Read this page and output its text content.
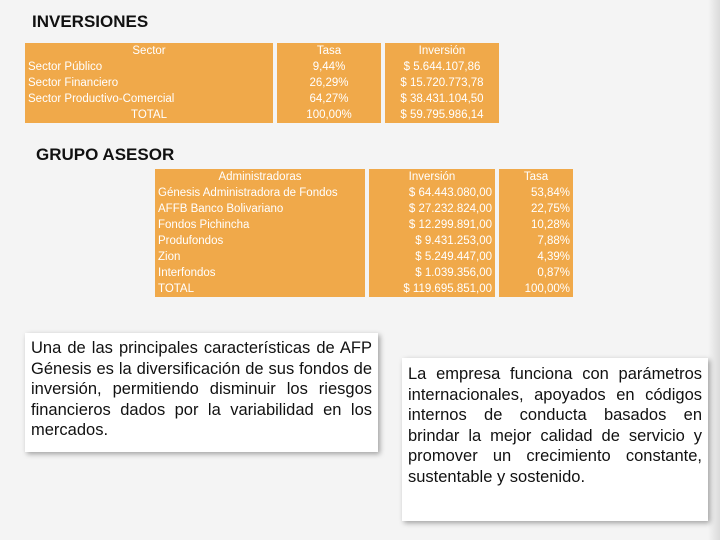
INVERSIONES
Sector		Tasa		Inversión
Sector Público		9,44%		$ 5.644.107,86
Sector Financiero		26,29%		$ 15.720.773,78
Sector Productivo-Comercial		64,27%		$ 38.431.104,50
TOTAL		100,00%		$ 59.795.986,14
GRUPO ASESOR
Administradoras		Inversión		Tasa
Génesis Administradora de Fondos		$ 64.443.080,00		53,84%
AFFB Banco Bolivariano		$ 27.232.824,00		22,75%
Fondos Pichincha		$ 12.299.891,00		10,28%
Produfondos		$ 9.431.253,00		7,88%
Zion		$ 5.249.447,00		4,39%
Interfondos		$ 1.039.356,00		0,87%
TOTAL		$ 119.695.851,00		100,00%
Una de las principales características de AFP Génesis es la diversificación de sus fondos de inversión, permitiendo disminuir los riesgos financieros dados por la variabilidad en los mercados.
La empresa funciona con parámetros internacionales, apoyados en códigos internos de conducta basados en brindar la mejor calidad de servicio y promover un crecimiento constante, sustentable y sostenido.
